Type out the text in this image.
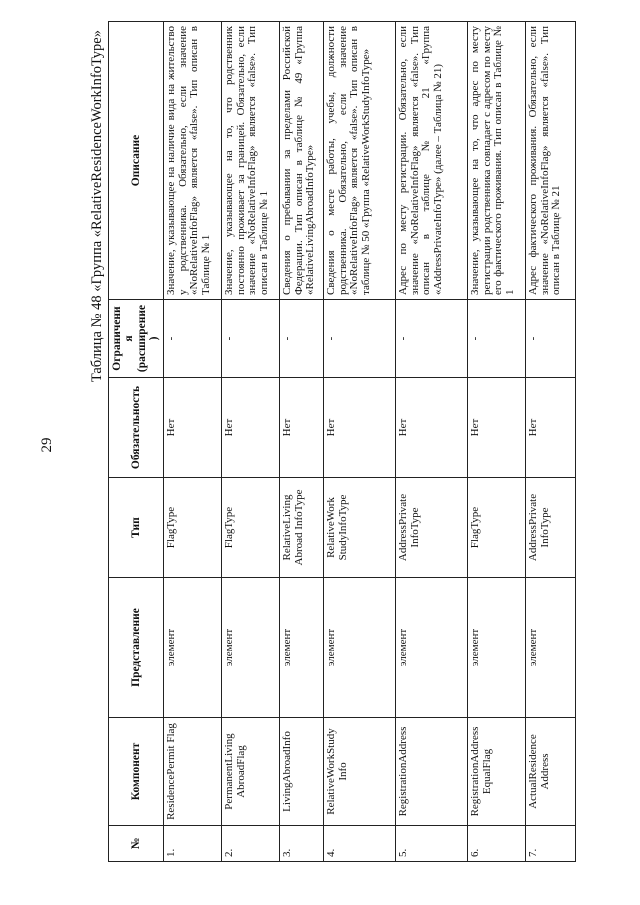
29
Таблица № 48 «Группа «RelativeResidenceWorkInfoType»
№	Компонент	Представление	Тип	Обязательность	Ограничения (расширение)	Описание
1.	ResidencePermit Flag	элемент	FlagType	Нет	-	Значение, указывающее на наличие вида на жительство у родственника. Обязательно, если значение «NoRelativeInfoFlag» является «false». Тип описан в Таблице № 1
2.	PermanentLiving AbroadFlag	элемент	FlagType	Нет	-	Значение, указывающее на то, что родственник постоянно проживает за границей. Обязательно, если значение «NoRelativeInfoFlag» является «false». Тип описан в Таблице № 1
3.	LivingAbroadInfo	элемент	RelativeLiving Abroad InfoType	Нет	-	Сведения о пребывании за пределами Российской Федерации. Тип описан в таблице № 49 «Группа «RelativeLivingAbroadInfoType»
4.	RelativeWorkStudy Info	элемент	RelativeWork StudyInfoType	Нет	-	Сведения о месте работы, учебы, должности родственника. Обязательно, если значение «NoRelativeInfoFlag» является «false». Тип описан в таблице № 50 «Группа «RelativeWorkStudyInfoType»
5.	RegistrationAddress	элемент	AddressPrivate InfoType	Нет	-	Адрес по месту регистрации. Обязательно, если значение «NoRelativeInfoFlag» является «false». Тип описан в таблице № 21 «Группа «AddressPrivateInfoType» (далее – Таблица № 21)
6.	RegistrationAddress EqualFlag	элемент	FlagType	Нет	-	Значение, указывающее на то, что адрес по месту регистрации родственника совпадает с адресом по месту его фактического проживания. Тип описан в Таблице № 1
7.	ActualResidence Address	элемент	AddressPrivate InfoType	Нет	-	Адрес фактического проживания. Обязательно, если значение «NoRelativeInfoFlag» является «false». Тип описан в Таблице № 21
